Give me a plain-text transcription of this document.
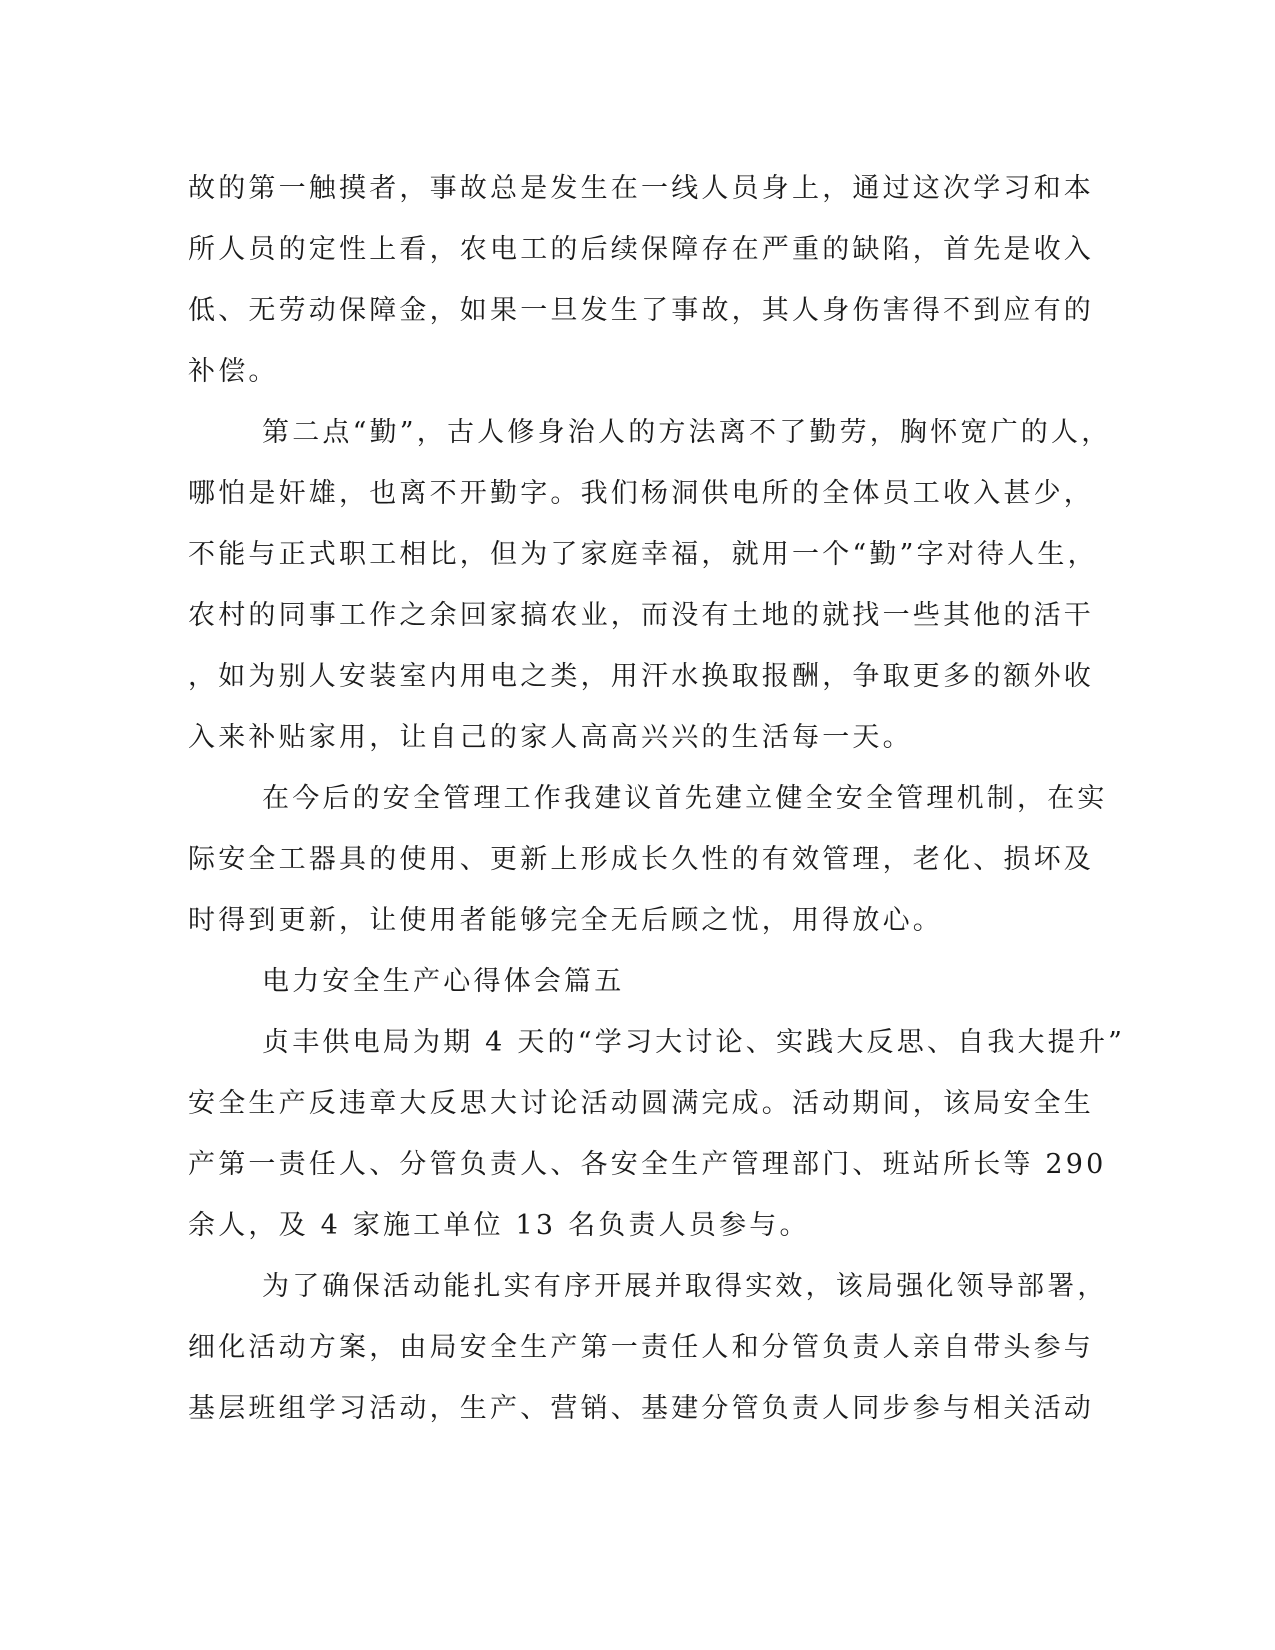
故的第一触摸者，事故总是发生在一线人员身上，通过这次学习和本
所人员的定性上看，农电工的后续保障存在严重的缺陷，首先是收入
低、无劳动保障金，如果一旦发生了事故，其人身伤害得不到应有的
补偿。
第二点“勤”，古人修身治人的方法离不了勤劳，胸怀宽广的人，
哪怕是奸雄，也离不开勤字。我们杨洞供电所的全体员工收入甚少，
不能与正式职工相比，但为了家庭幸福，就用一个“勤”字对待人生，
农村的同事工作之余回家搞农业，而没有土地的就找一些其他的活干
，如为别人安装室内用电之类，用汗水换取报酬，争取更多的额外收
入来补贴家用，让自己的家人高高兴兴的生活每一天。
在今后的安全管理工作我建议首先建立健全安全管理机制，在实
际安全工器具的使用、更新上形成长久性的有效管理，老化、损坏及
时得到更新，让使用者能够完全无后顾之忧，用得放心。
电力安全生产心得体会篇五
贞丰供电局为期 4 天的“学习大讨论、实践大反思、自我大提升”
安全生产反违章大反思大讨论活动圆满完成。活动期间，该局安全生
产第一责任人、分管负责人、各安全生产管理部门、班站所长等 290
余人，及 4 家施工单位 13 名负责人员参与。
为了确保活动能扎实有序开展并取得实效，该局强化领导部署，
细化活动方案，由局安全生产第一责任人和分管负责人亲自带头参与
基层班组学习活动，生产、营销、基建分管负责人同步参与相关活动
